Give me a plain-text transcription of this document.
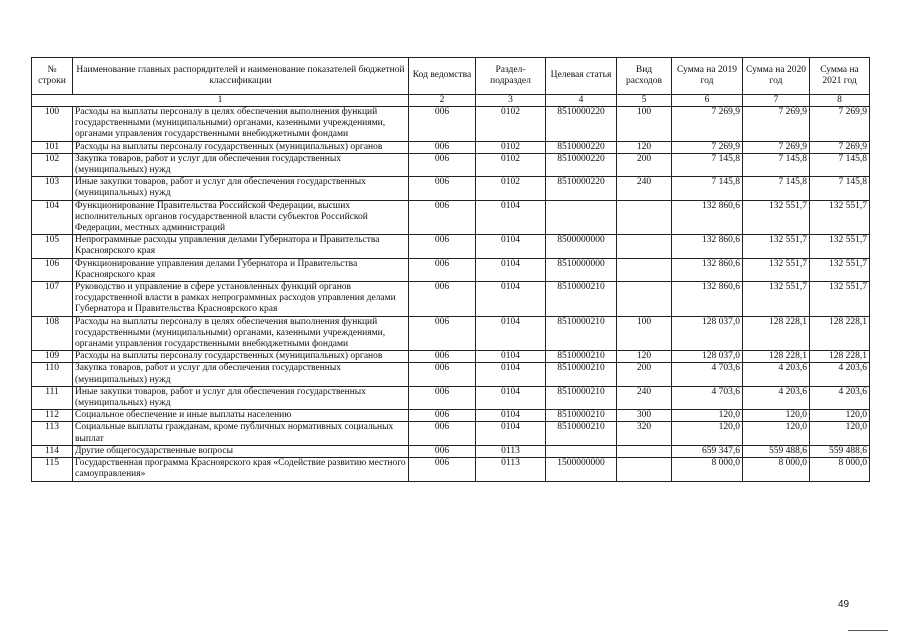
№ строки	Наименование главных распорядителей и наименование показателей бюджетной классификации	Код ведомства	Раздел-подраздел	Целевая статья	Вид расходов	Сумма на 2019 год	Сумма на 2020 год	Сумма на 2021 год
1		2	3	4	5	6	7	8
100	Расходы на выплаты персоналу в целях обеспечения выполнения функций государственными (муниципальными) органами, казенными учреждениями, органами управления государственными внебюджетными фондами	006	0102	8510000220	100	7 269,9	7 269,9	7 269,9
101	Расходы на выплаты персоналу государственных (муниципальных) органов	006	0102	8510000220	120	7 269,9	7 269,9	7 269,9
102	Закупка товаров, работ и услуг для обеспечения государственных (муниципальных) нужд	006	0102	8510000220	200	7 145,8	7 145,8	7 145,8
103	Иные закупки товаров, работ и услуг для обеспечения государственных (муниципальных) нужд	006	0102	8510000220	240	7 145,8	7 145,8	7 145,8
104	Функционирование Правительства Российской Федерации, высших исполнительных органов государственной власти субъектов Российской Федерации, местных администраций	006	0104			132 860,6	132 551,7	132 551,7
105	Непрограммные расходы управления делами Губернатора и Правительства Красноярского края	006	0104	8500000000		132 860,6	132 551,7	132 551,7
106	Функционирование управления делами Губернатора и Правительства Красноярского края	006	0104	8510000000		132 860,6	132 551,7	132 551,7
107	Руководство и управление в сфере установленных функций органов государственной власти в рамках непрограммных расходов управления делами Губернатора и Правительства Красноярского края	006	0104	8510000210		132 860,6	132 551,7	132 551,7
108	Расходы на выплаты персоналу в целях обеспечения выполнения функций государственными (муниципальными) органами, казенными учреждениями, органами управления государственными внебюджетными фондами	006	0104	8510000210	100	128 037,0	128 228,1	128 228,1
109	Расходы на выплаты персоналу государственных (муниципальных) органов	006	0104	8510000210	120	128 037,0	128 228,1	128 228,1
110	Закупка товаров, работ и услуг для обеспечения государственных (муниципальных) нужд	006	0104	8510000210	200	4 703,6	4 203,6	4 203,6
111	Иные закупки товаров, работ и услуг для обеспечения государственных (муниципальных) нужд	006	0104	8510000210	240	4 703,6	4 203,6	4 203,6
112	Социальное обеспечение и иные выплаты населению	006	0104	8510000210	300	120,0	120,0	120,0
113	Социальные выплаты гражданам, кроме публичных нормативных социальных выплат	006	0104	8510000210	320	120,0	120,0	120,0
114	Другие общегосударственные вопросы	006	0113			659 347,6	559 488,6	559 488,6
115	Государственная программа Красноярского края «Содействие развитию местного самоуправления»	006	0113	1500000000		8 000,0	8 000,0	8 000,0
49
